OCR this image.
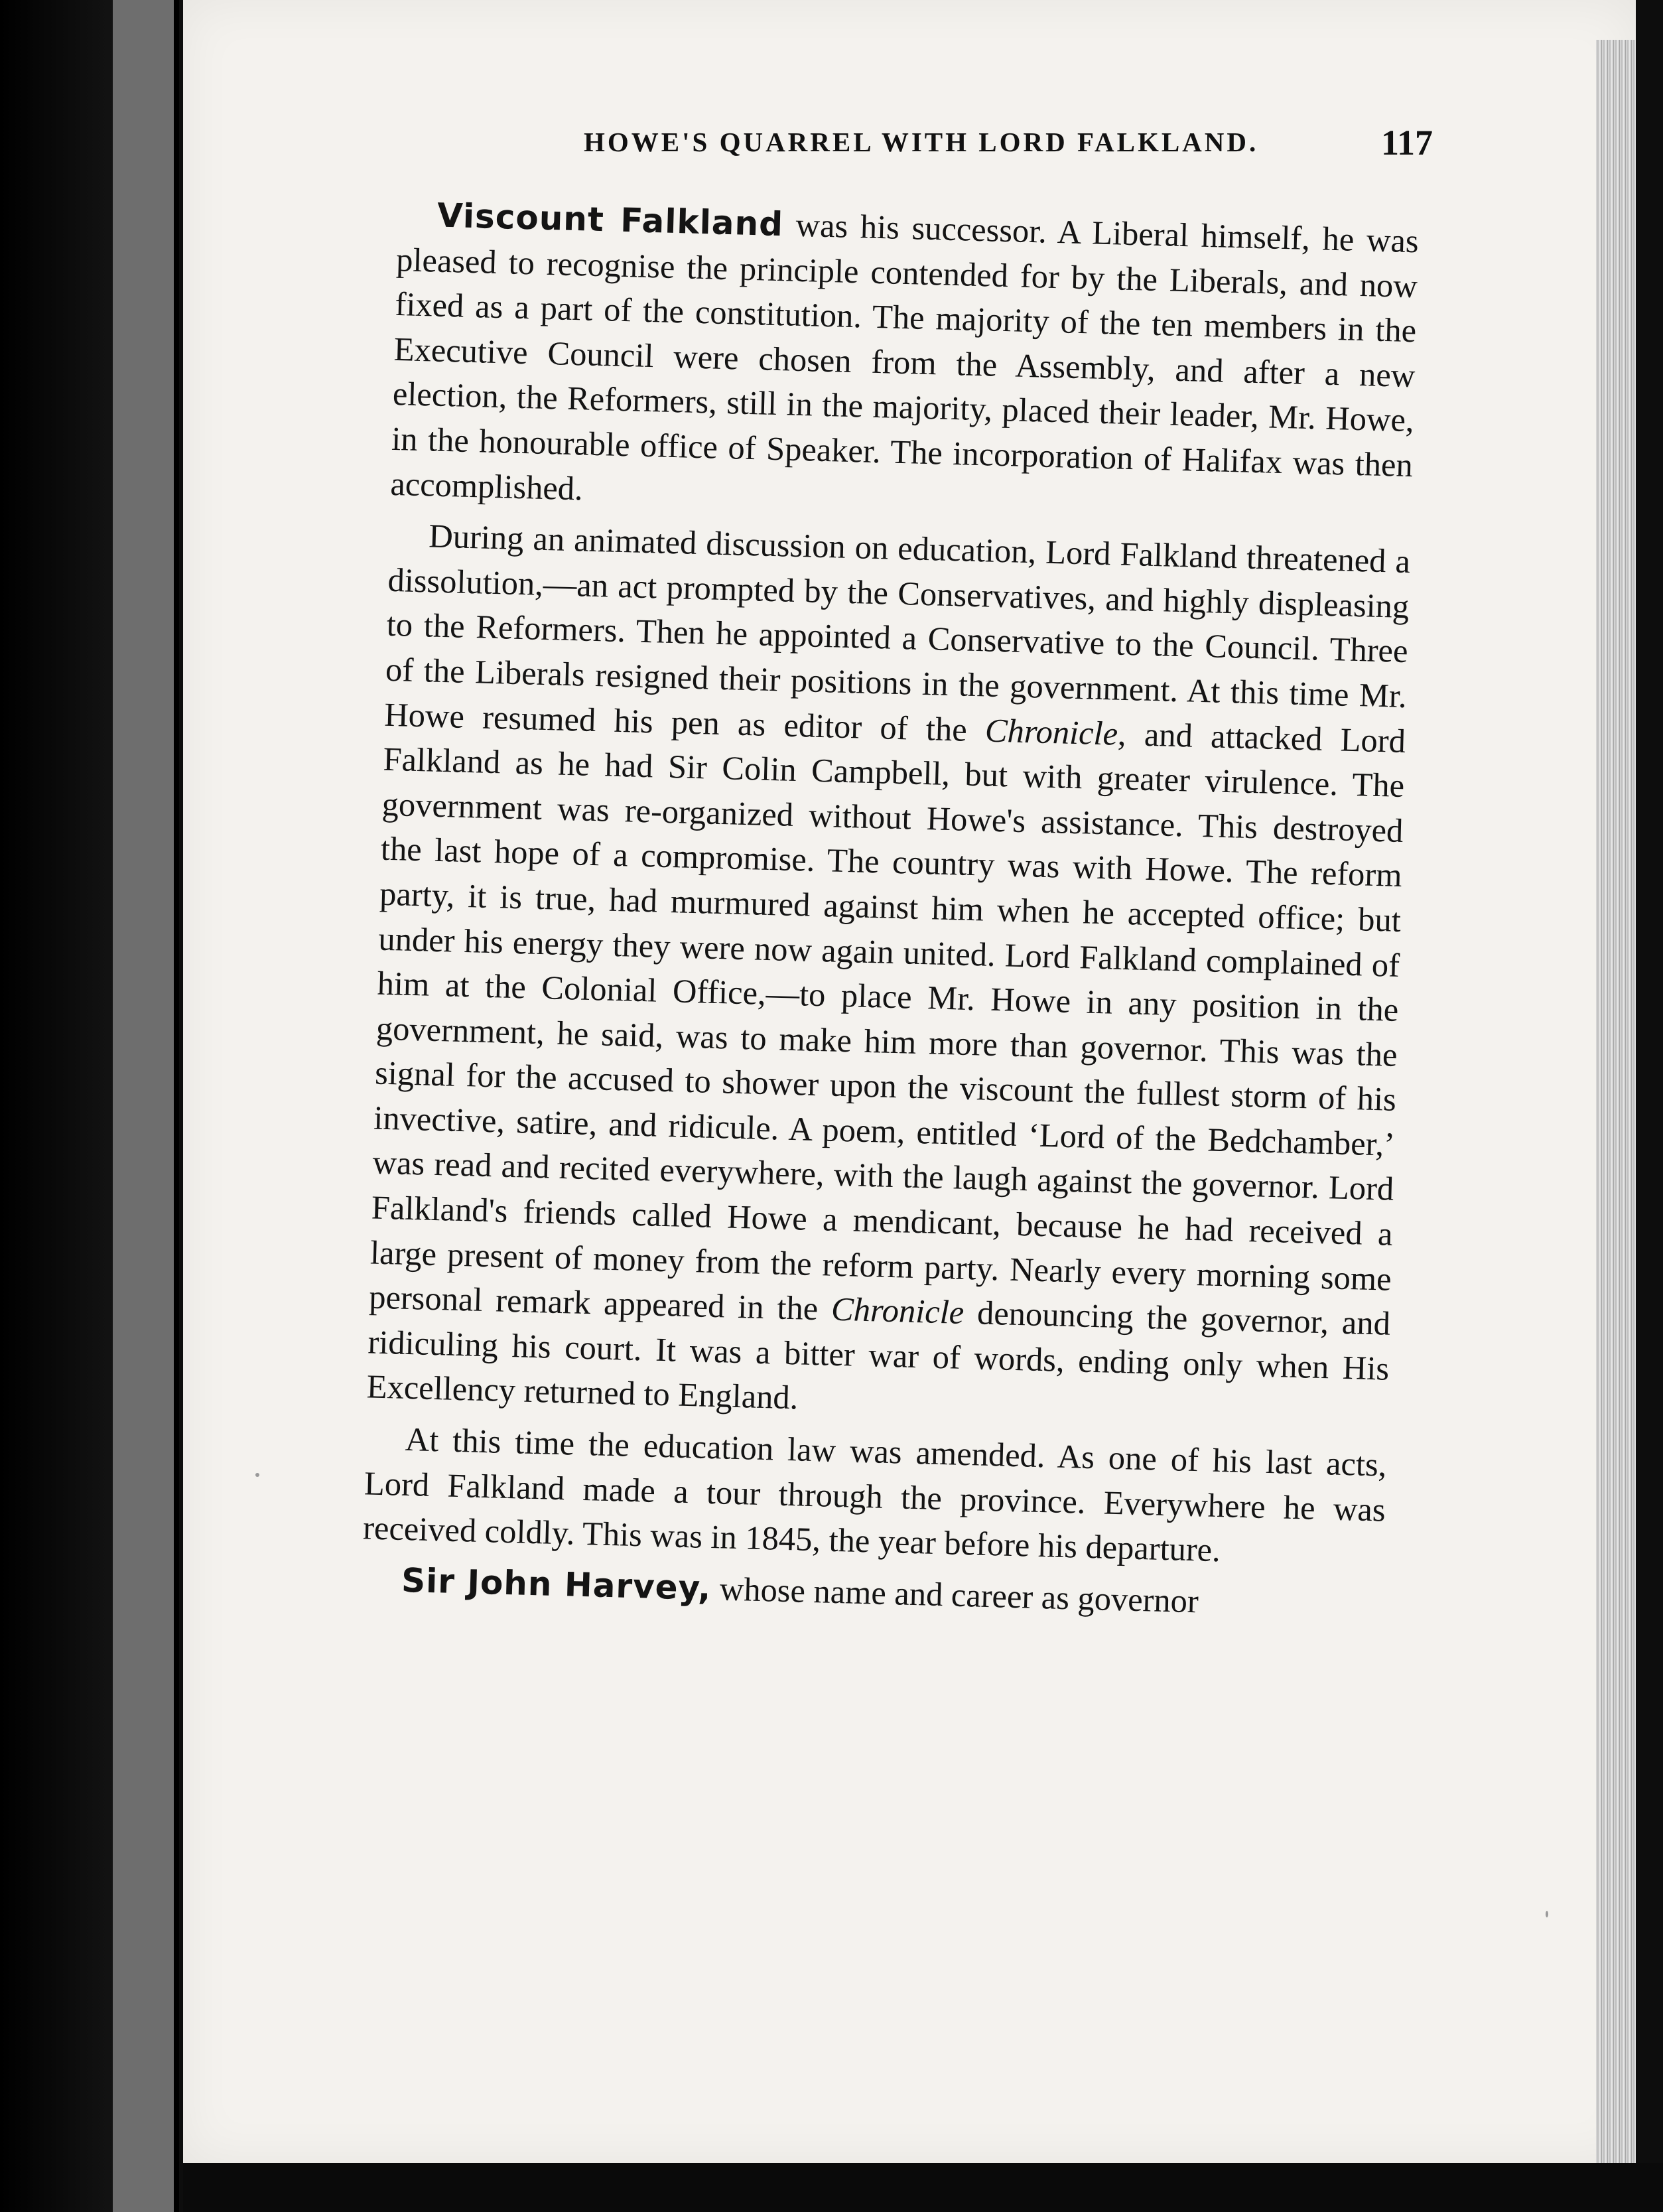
HOWE'S QUARREL WITH LORD FALKLAND.	117

Viscount Falkland was his successor. A Liberal himself, he was pleased to recognise the principle contended for by the Liberals, and now fixed as a part of the constitution. The majority of the ten members in the Executive Council were chosen from the Assembly, and after a new election, the Reformers, still in the majority, placed their leader, Mr. Howe, in the honourable office of Speaker. The incorporation of Halifax was then accomplished.

During an animated discussion on education, Lord Falkland threatened a dissolution,—an act prompted by the Conservatives, and highly displeasing to the Reformers. Then he appointed a Conservative to the Council. Three of the Liberals resigned their positions in the government. At this time Mr. Howe resumed his pen as editor of the Chronicle, and attacked Lord Falkland as he had Sir Colin Campbell, but with greater virulence. The government was re-organized without Howe's assistance. This destroyed the last hope of a compromise. The country was with Howe. The reform party, it is true, had murmured against him when he accepted office; but under his energy they were now again united. Lord Falkland complained of him at the Colonial Office,—to place Mr. Howe in any position in the government, he said, was to make him more than governor. This was the signal for the accused to shower upon the viscount the fullest storm of his invective, satire, and ridicule. A poem, entitled ‘Lord of the Bedchamber,’ was read and recited everywhere, with the laugh against the governor. Lord Falkland's friends called Howe a mendicant, because he had received a large present of money from the reform party. Nearly every morning some personal remark appeared in the Chronicle denouncing the governor, and ridiculing his court. It was a bitter war of words, ending only when His Excellency returned to England.

At this time the education law was amended. As one of his last acts, Lord Falkland made a tour through the province. Everywhere he was received coldly. This was in 1845, the year before his departure.

Sir John Harvey, whose name and career as governor
